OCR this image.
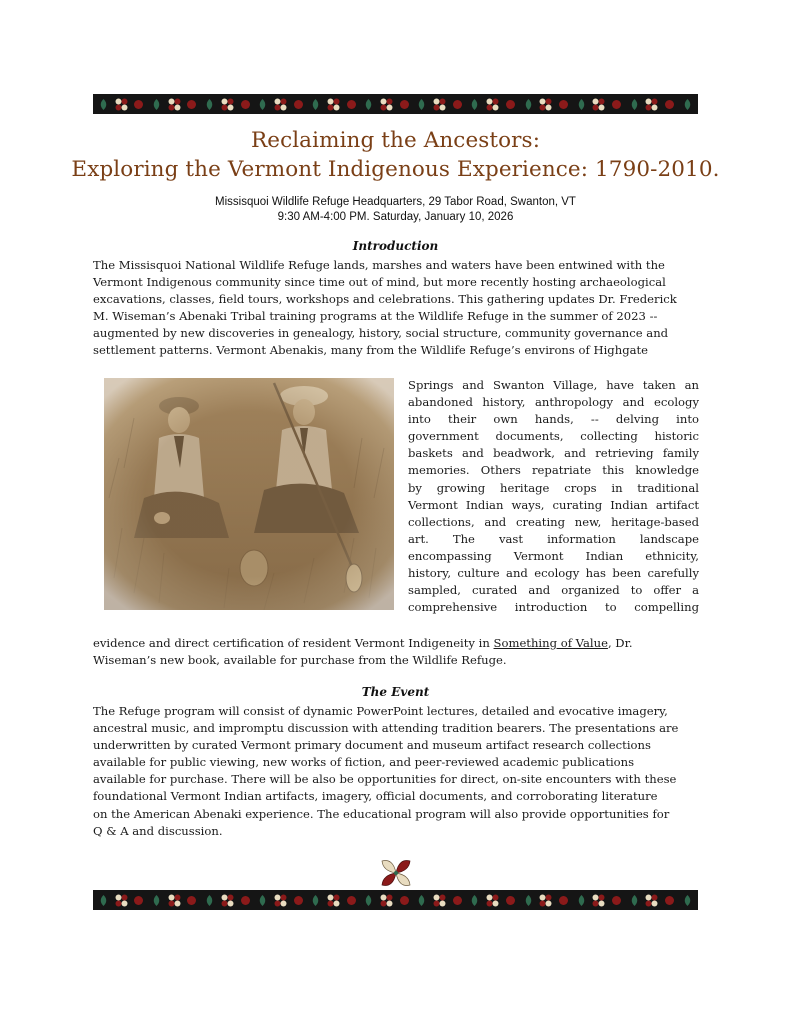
Reclaiming the Ancestors:
Exploring the Vermont Indigenous Experience: 1790-2010.
Missisquoi Wildlife Refuge Headquarters, 29 Tabor Road, Swanton, VT
9:30 AM-4:00 PM. Saturday, January 10, 2026
Introduction
The Missisquoi National Wildlife Refuge lands, marshes and waters have been entwined with the
Vermont Indigenous community since time out of mind, but more recently hosting archaeological
excavations, classes, field tours, workshops and celebrations. This gathering updates Dr. Frederick
M. Wiseman’s Abenaki Tribal training programs at the Wildlife Refuge in the summer of 2023 --
augmented by new discoveries in genealogy, history, social structure, community governance and
settlement patterns. Vermont Abenakis, many from the Wildlife Refuge’s environs of Highgate
Springs and Swanton Village, have taken an
abandoned history, anthropology and ecology
into their own hands, -- delving into
government documents, collecting historic
baskets and beadwork, and retrieving family
memories. Others repatriate this knowledge
by growing heritage crops in traditional
Vermont Indian ways, curating Indian artifact
collections, and creating new, heritage-based
art. The vast information landscape
encompassing Vermont Indian ethnicity,
history, culture and ecology has been carefully
sampled, curated and organized to offer a
comprehensive introduction to compelling
evidence and direct certification of resident Vermont Indigeneity in Something of Value, Dr.
Wiseman’s new book, available for purchase from the Wildlife Refuge.
The Event
The Refuge program will consist of dynamic PowerPoint lectures, detailed and evocative imagery,
ancestral music, and impromptu discussion with attending tradition bearers. The presentations are
underwritten by curated Vermont primary document and museum artifact research collections
available for public viewing, new works of fiction, and peer-reviewed academic publications
available for purchase. There will be also be opportunities for direct, on-site encounters with these
foundational Vermont Indian artifacts, imagery, official documents, and corroborating literature
on the American Abenaki experience. The educational program will also provide opportunities for
Q & A and discussion.
